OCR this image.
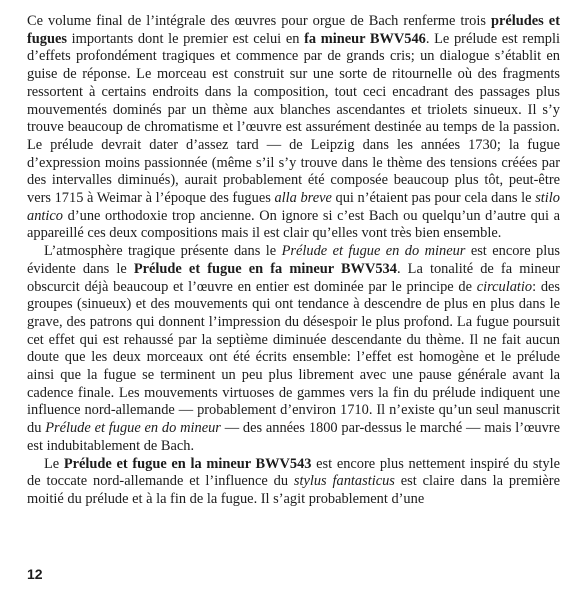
Ce volume final de l’intégrale des œuvres pour orgue de Bach renferme trois préludes et fugues importants dont le premier est celui en fa mineur BWV546. Le prélude est rempli d’effets profondément tragiques et commence par de grands cris; un dialogue s’établit en guise de réponse. Le morceau est construit sur une sorte de ritournelle où des fragments ressortent à certains endroits dans la composition, tout ceci encadrant des passages plus mouvementés dominés par un thème aux blanches ascendantes et triolets sinueux. Il s’y trouve beaucoup de chromatisme et l’œuvre est assurément destinée au temps de la passion. Le prélude devrait dater d’assez tard — de Leipzig dans les années 1730; la fugue d’expression moins passionnée (même s’il s’y trouve dans le thème des tensions créées par des intervalles diminués), aurait probablement été composée beaucoup plus tôt, peut-être vers 1715 à Weimar à l’époque des fugues alla breve qui n’étaient pas pour cela dans le stilo antico d’une orthodoxie trop ancienne. On ignore si c’est Bach ou quelqu’un d’autre qui a appareillé ces deux compositions mais il est clair qu’elles vont très bien ensemble.

L’atmosphère tragique présente dans le Prélude et fugue en do mineur est encore plus évidente dans le Prélude et fugue en fa mineur BWV534. La tonalité de fa mineur obscurcit déjà beaucoup et l’œuvre en entier est dominée par le principe de circulatio: des groupes (sinueux) et des mouvements qui ont tendance à descendre de plus en plus dans le grave, des patrons qui donnent l’impression du désespoir le plus profond. La fugue poursuit cet effet qui est rehaussé par la septième diminuée descendante du thème. Il ne fait aucun doute que les deux morceaux ont été écrits ensemble: l’effet est homogène et le prélude ainsi que la fugue se terminent un peu plus librement avec une pause générale avant la cadence finale. Les mouvements virtuoses de gammes vers la fin du prélude indiquent une influence nord-allemande — probablement d’environ 1710. Il n’existe qu’un seul manuscrit du Prélude et fugue en do mineur — des années 1800 par-dessus le marché — mais l’œuvre est indubitablement de Bach.

Le Prélude et fugue en la mineur BWV543 est encore plus nettement inspiré du style de toccate nord-allemande et l’influence du stylus fantasticus est claire dans la première moitié du prélude et à la fin de la fugue. Il s’agit probablement d’une

12
